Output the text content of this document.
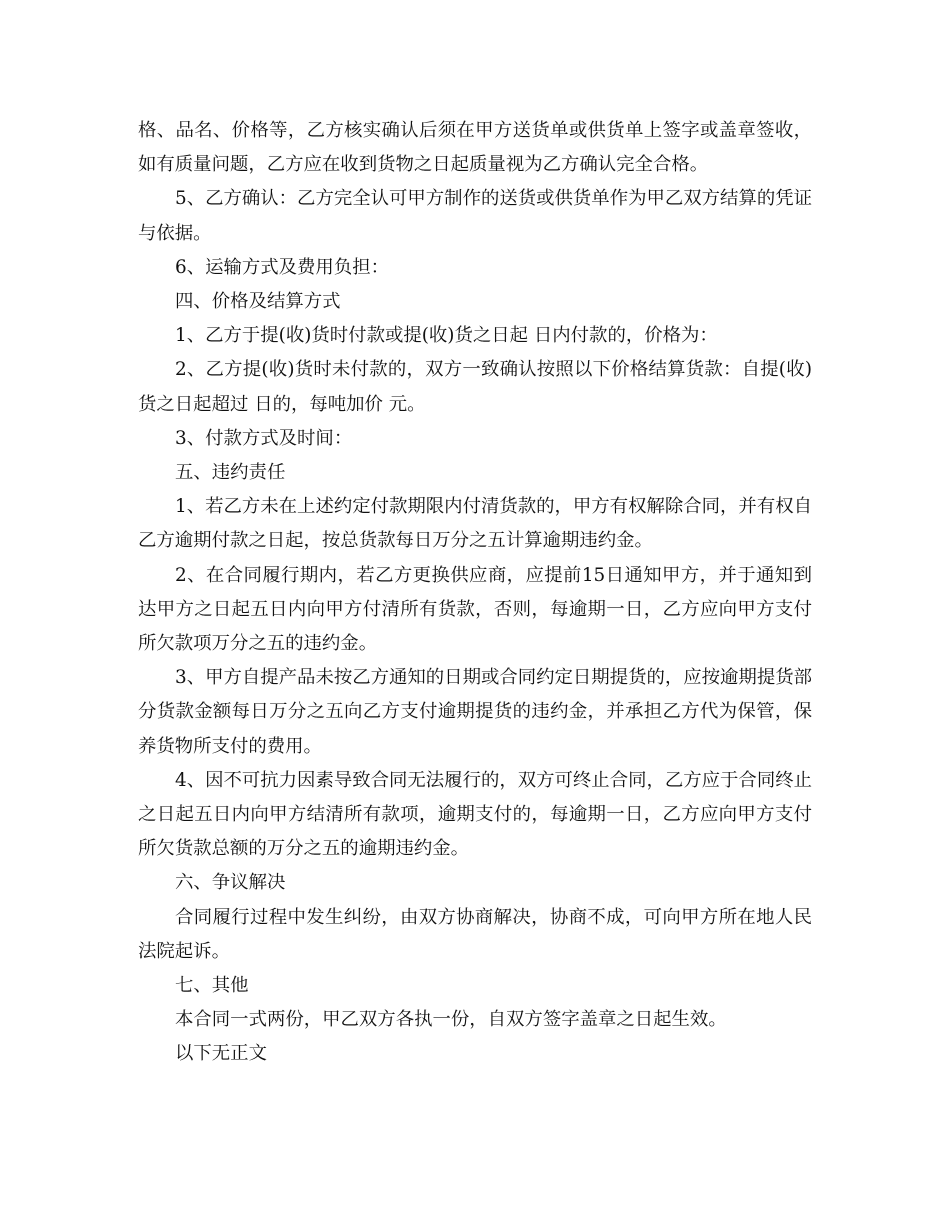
格、品名、价格等，乙方核实确认后须在甲方送货单或供货单上签字或盖章签收，如有质量问题，乙方应在收到货物之日起质量视为乙方确认完全合格。

5、乙方确认：乙方完全认可甲方制作的送货或供货单作为甲乙双方结算的凭证与依据。

6、运输方式及费用负担：

四、价格及结算方式

1、乙方于提(收)货时付款或提(收)货之日起 日内付款的，价格为：

2、乙方提(收)货时未付款的，双方一致确认按照以下价格结算货款：自提(收)货之日起超过 日的，每吨加价 元。

3、付款方式及时间：

五、违约责任

1、若乙方未在上述约定付款期限内付清货款的，甲方有权解除合同，并有权自乙方逾期付款之日起，按总货款每日万分之五计算逾期违约金。

2、在合同履行期内，若乙方更换供应商，应提前15日通知甲方，并于通知到达甲方之日起五日内向甲方付清所有货款，否则，每逾期一日，乙方应向甲方支付所欠款项万分之五的违约金。

3、甲方自提产品未按乙方通知的日期或合同约定日期提货的，应按逾期提货部分货款金额每日万分之五向乙方支付逾期提货的违约金，并承担乙方代为保管，保养货物所支付的费用。

4、因不可抗力因素导致合同无法履行的，双方可终止合同，乙方应于合同终止之日起五日内向甲方结清所有款项，逾期支付的，每逾期一日，乙方应向甲方支付所欠货款总额的万分之五的逾期违约金。

六、争议解决

合同履行过程中发生纠纷，由双方协商解决，协商不成，可向甲方所在地人民法院起诉。

七、其他

本合同一式两份，甲乙双方各执一份，自双方签字盖章之日起生效。

以下无正文
